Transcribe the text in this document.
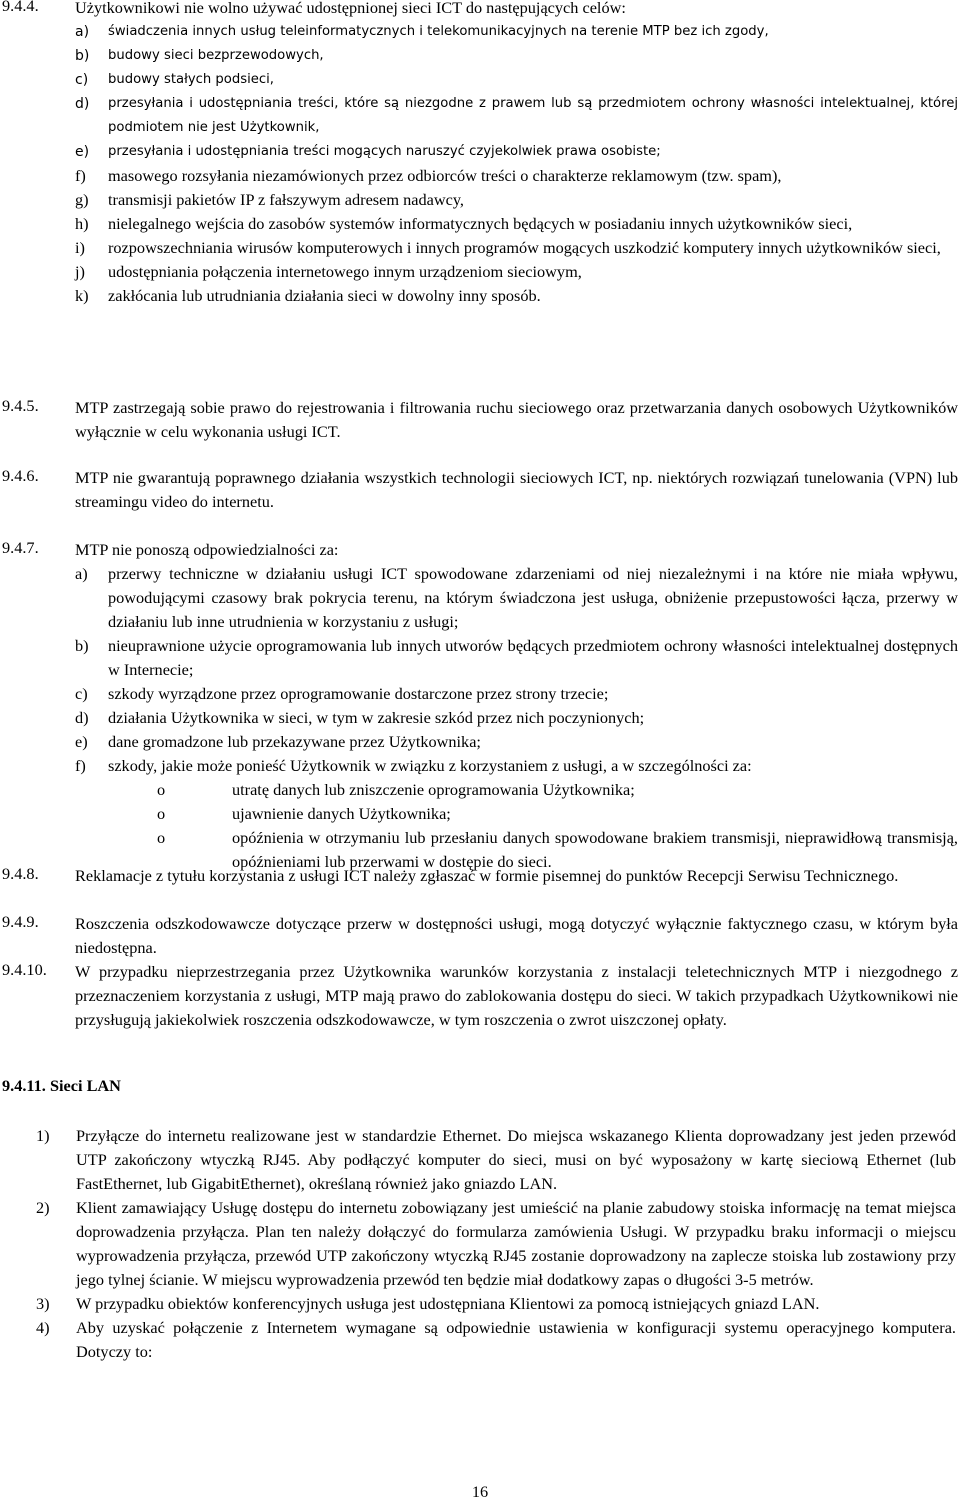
9.4.4. Użytkownikowi nie wolno używać udostępnionej sieci ICT do następujących celów:
a) świadczenia innych usług teleinformatycznych i telekomunikacyjnych na terenie MTP bez ich zgody,
b) budowy sieci bezprzewodowych,
c) budowy stałych podsieci,
d) przesyłania i udostępniania treści, które są niezgodne z prawem lub są przedmiotem ochrony własności intelektualnej, której podmiotem nie jest Użytkownik,
e) przesyłania i udostępniania treści mogących naruszyć czyjekolwiek prawa osobiste;
f) masowego rozsyłania niezamówionych przez odbiorców treści o charakterze reklamowym (tzw. spam),
g) transmisji pakietów IP z fałszywym adresem nadawcy,
h) nielegalnego wejścia do zasobów systemów informatycznych będących w posiadaniu innych użytkowników sieci,
i) rozpowszechniania wirusów komputerowych i innych programów mogących uszkodzić komputery innych użytkowników sieci,
j) udostępniania połączenia internetowego innym urządzeniom sieciowym,
k) zakłócania lub utrudniania działania sieci w dowolny inny sposób.
9.4.5. MTP zastrzegają sobie prawo do rejestrowania i filtrowania ruchu sieciowego oraz przetwarzania danych osobowych Użytkowników wyłącznie w celu wykonania usługi ICT.
9.4.6. MTP nie gwarantują poprawnego działania wszystkich technologii sieciowych ICT, np. niektórych rozwiązań tunelowania (VPN) lub streamingu video do internetu.
9.4.7. MTP nie ponoszą odpowiedzialności za:
a) przerwy techniczne w działaniu usługi ICT spowodowane zdarzeniami od niej niezależnymi i na które nie miała wpływu, powodującymi czasowy brak pokrycia terenu, na którym świadczona jest usługa, obniżenie przepustowości łącza, przerwy w działaniu lub inne utrudnienia w korzystaniu z usługi;
b) nieuprawnione użycie oprogramowania lub innych utworów będących przedmiotem ochrony własności intelektualnej dostępnych w Internecie;
c) szkody wyrządzone przez oprogramowanie dostarczone przez strony trzecie;
d) działania Użytkownika w sieci, w tym w zakresie szkód przez nich poczynionych;
e) dane gromadzone lub przekazywane przez Użytkownika;
f) szkody, jakie może ponieść Użytkownik w związku z korzystaniem z usługi, a w szczególności za:
o	utratę danych lub zniszczenie oprogramowania Użytkownika;
o	ujawnienie danych Użytkownika;
o	opóźnienia w otrzymaniu lub przesłaniu danych spowodowane brakiem transmisji, nieprawidłową transmisją, opóźnieniami lub przerwami w dostępie do sieci.
9.4.8. Reklamacje z tytułu korzystania z usługi ICT należy zgłaszać w formie pisemnej do punktów Recepcji Serwisu Technicznego.
9.4.9. Roszczenia odszkodowawcze dotyczące przerw w dostępności usługi, mogą dotyczyć wyłącznie faktycznego czasu, w którym była niedostępna.
9.4.10. W przypadku nieprzestrzegania przez Użytkownika warunków korzystania z instalacji teletechnicznych MTP i niezgodnego z przeznaczeniem korzystania z usługi, MTP mają prawo do zablokowania dostępu do sieci. W takich przypadkach Użytkownikowi nie przysługują jakiekolwiek roszczenia odszkodowawcze, w tym roszczenia o zwrot uiszczonej opłaty.
9.4.11. Sieci LAN
1) Przyłącze do internetu realizowane jest w standardzie Ethernet. Do miejsca wskazanego Klienta doprowadzany jest jeden przewód UTP zakończony wtyczką RJ45. Aby podłączyć komputer do sieci, musi on być wyposażony w kartę sieciową Ethernet (lub FastEthernet, lub GigabitEthernet), określaną również jako gniazdo LAN.
2) Klient zamawiający Usługę dostępu do internetu zobowiązany jest umieścić na planie zabudowy stoiska informację na temat miejsca doprowadzenia przyłącza. Plan ten należy dołączyć do formularza zamówienia Usługi. W przypadku braku informacji o miejscu wyprowadzenia przyłącza, przewód UTP zakończony wtyczką RJ45 zostanie doprowadzony na zaplecze stoiska lub zostawiony przy jego tylnej ścianie. W miejscu wyprowadzenia przewód ten będzie miał dodatkowy zapas o długości 3-5 metrów.
3) W przypadku obiektów konferencyjnych usługa jest udostępniana Klientowi za pomocą istniejących gniazd LAN.
4) Aby uzyskać połączenie z Internetem wymagane są odpowiednie ustawienia w konfiguracji systemu operacyjnego komputera. Dotyczy to:
16
